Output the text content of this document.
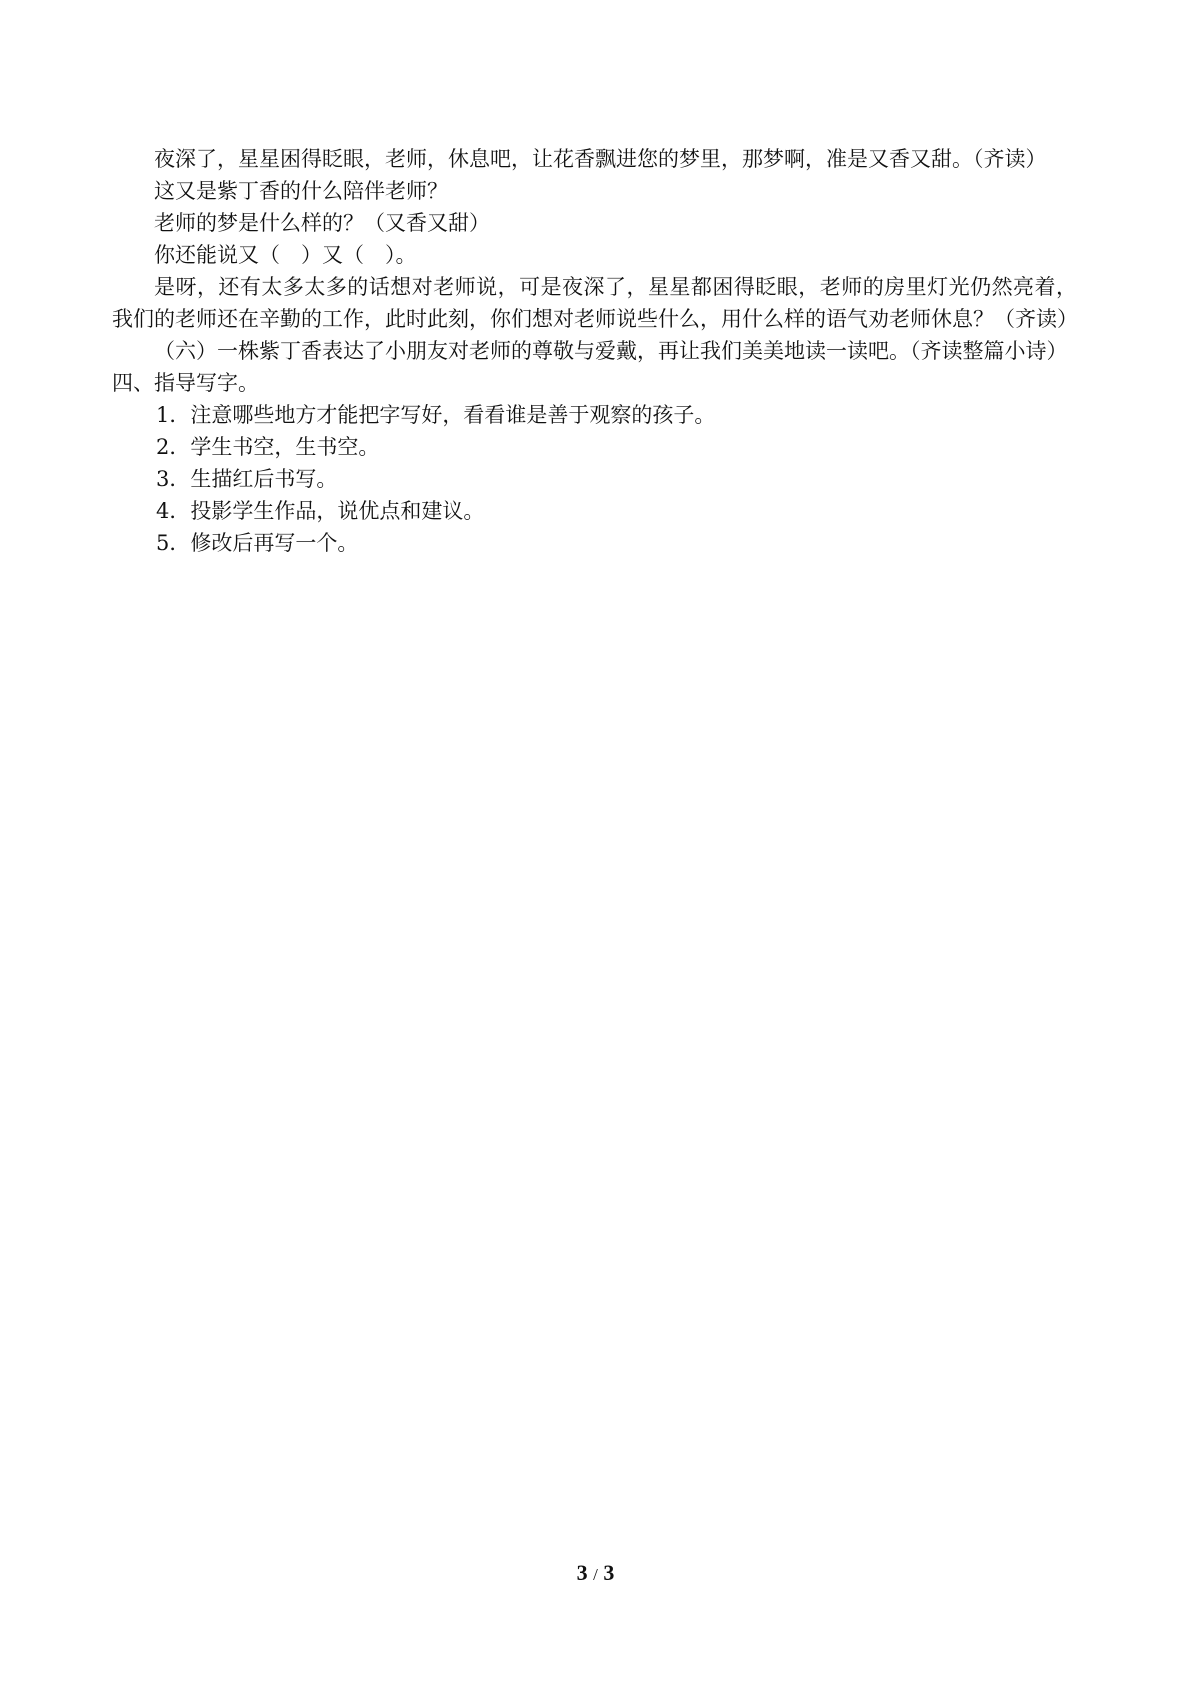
夜深了，星星困得眨眼，老师，休息吧，让花香飘进您的梦里，那梦啊，准是又香又甜。（齐读）

这又是紫丁香的什么陪伴老师？

老师的梦是什么样的？（又香又甜）

你还能说又（　）又（　）。

是呀，还有太多太多的话想对老师说，可是夜深了，星星都困得眨眼，老师的房里灯光仍然亮着，我们的老师还在辛勤的工作，此时此刻，你们想对老师说些什么，用什么样的语气劝老师休息？（齐读）

（六）一株紫丁香表达了小朋友对老师的尊敬与爱戴，再让我们美美地读一读吧。（齐读整篇小诗）

四、指导写字。

1．注意哪些地方才能把字写好，看看谁是善于观察的孩子。

2．学生书空，生书空。

3．生描红后书写。

4．投影学生作品，说优点和建议。

5．修改后再写一个。

3 / 3
